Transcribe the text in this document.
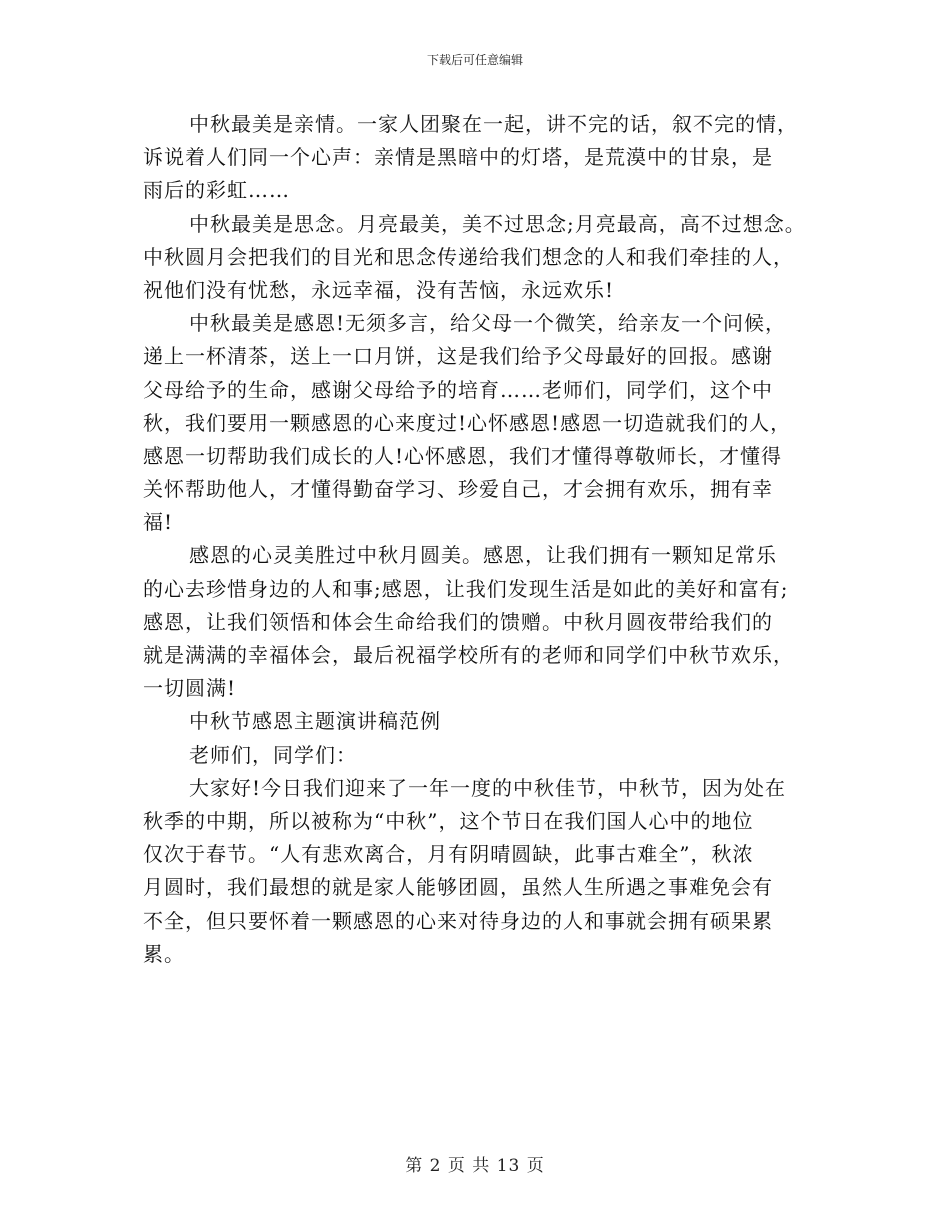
下载后可任意编辑
中秋最美是亲情。一家人团聚在一起，讲不完的话，叙不完的情，
诉说着人们同一个心声：亲情是黑暗中的灯塔，是荒漠中的甘泉，是
雨后的彩虹……
中秋最美是思念。月亮最美，美不过思念;月亮最高，高不过想念。
中秋圆月会把我们的目光和思念传递给我们想念的人和我们牵挂的人，
祝他们没有忧愁，永远幸福，没有苦恼，永远欢乐!
中秋最美是感恩!无须多言，给父母一个微笑，给亲友一个问候，
递上一杯清茶，送上一口月饼，这是我们给予父母最好的回报。感谢
父母给予的生命，感谢父母给予的培育……老师们，同学们，这个中
秋，我们要用一颗感恩的心来度过!心怀感恩!感恩一切造就我们的人，
感恩一切帮助我们成长的人!心怀感恩，我们才懂得尊敬师长，才懂得
关怀帮助他人，才懂得勤奋学习、珍爱自己，才会拥有欢乐，拥有幸
福!
感恩的心灵美胜过中秋月圆美。感恩，让我们拥有一颗知足常乐
的心去珍惜身边的人和事;感恩，让我们发现生活是如此的美好和富有;
感恩，让我们领悟和体会生命给我们的馈赠。中秋月圆夜带给我们的
就是满满的幸福体会，最后祝福学校所有的老师和同学们中秋节欢乐，
一切圆满!
中秋节感恩主题演讲稿范例
老师们，同学们：
大家好!今日我们迎来了一年一度的中秋佳节，中秋节，因为处在
秋季的中期，所以被称为“中秋”，这个节日在我们国人心中的地位
仅次于春节。“人有悲欢离合，月有阴晴圆缺，此事古难全”，秋浓
月圆时，我们最想的就是家人能够团圆，虽然人生所遇之事难免会有
不全，但只要怀着一颗感恩的心来对待身边的人和事就会拥有硕果累
累。
第 2 页 共 13 页
